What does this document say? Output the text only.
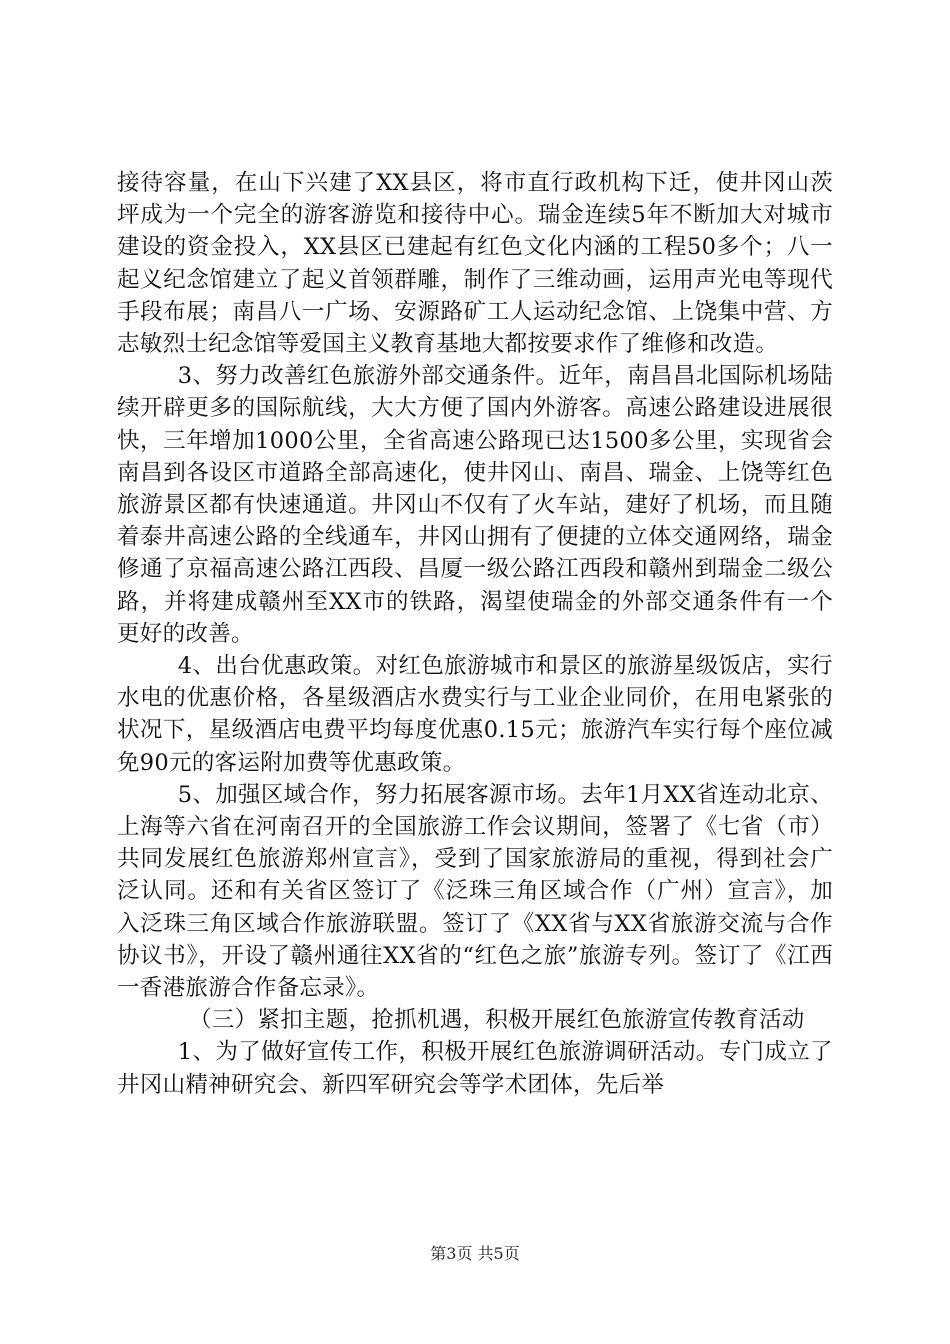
接待容量，在山下兴建了XX县区，将市直行政机构下迁，使井冈山茨坪成为一个完全的游客游览和接待中心。瑞金连续5年不断加大对城市建设的资金投入，XX县区已建起有红色文化内涵的工程50多个；八一起义纪念馆建立了起义首领群雕，制作了三维动画，运用声光电等现代手段布展；南昌八一广场、安源路矿工人运动纪念馆、上饶集中营、方志敏烈士纪念馆等爱国主义教育基地大都按要求作了维修和改造。

3、努力改善红色旅游外部交通条件。近年，南昌昌北国际机场陆续开辟更多的国际航线，大大方便了国内外游客。高速公路建设进展很快，三年增加1000公里，全省高速公路现已达1500多公里，实现省会南昌到各设区市道路全部高速化，使井冈山、南昌、瑞金、上饶等红色旅游景区都有快速通道。井冈山不仅有了火车站，建好了机场，而且随着泰井高速公路的全线通车，井冈山拥有了便捷的立体交通网络，瑞金修通了京福高速公路江西段、昌厦一级公路江西段和赣州到瑞金二级公路，并将建成赣州至XX市的铁路，渴望使瑞金的外部交通条件有一个更好的改善。

4、出台优惠政策。对红色旅游城市和景区的旅游星级饭店，实行水电的优惠价格，各星级酒店水费实行与工业企业同价，在用电紧张的状况下，星级酒店电费平均每度优惠0.15元；旅游汽车实行每个座位减免90元的客运附加费等优惠政策。

5、加强区域合作，努力拓展客源市场。去年1月XX省连动北京、上海等六省在河南召开的全国旅游工作会议期间，签署了《七省（市）共同发展红色旅游郑州宣言》，受到了国家旅游局的重视，得到社会广泛认同。还和有关省区签订了《泛珠三角区域合作（广州）宣言》，加入泛珠三角区域合作旅游联盟。签订了《XX省与XX省旅游交流与合作协议书》，开设了赣州通往XX省的“红色之旅”旅游专列。签订了《江西一香港旅游合作备忘录》。

（三）紧扣主题，抢抓机遇，积极开展红色旅游宣传教育活动

1、为了做好宣传工作，积极开展红色旅游调研活动。专门成立了井冈山精神研究会、新四军研究会等学术团体，先后举

第3页 共5页
